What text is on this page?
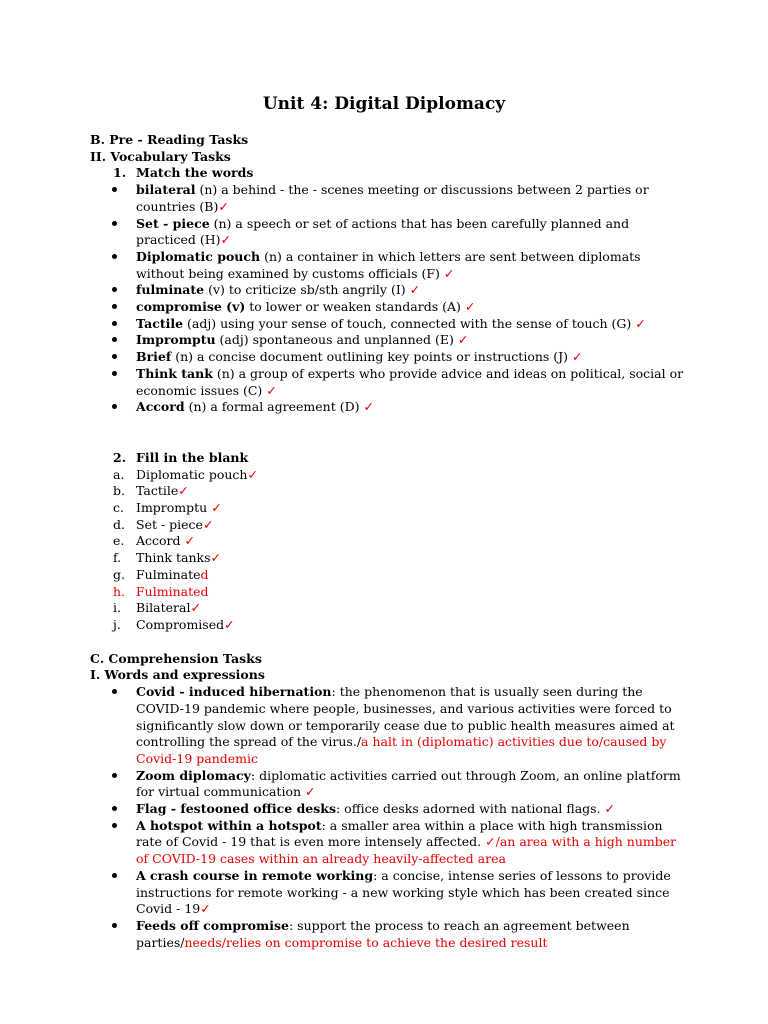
Unit 4: Digital Diplomacy
B. Pre - Reading Tasks
II. Vocabulary Tasks
1. Match the words
bilateral (n) a behind - the - scenes meeting or discussions between 2 parties or countries (B)✓
Set - piece (n) a speech or set of actions that has been carefully planned and practiced (H)✓
Diplomatic pouch (n) a container in which letters are sent between diplomats without being examined by customs officials (F) ✓
fulminate (v) to criticize sb/sth angrily (I) ✓
compromise (v) to lower or weaken standards (A) ✓
Tactile (adj) using your sense of touch, connected with the sense of touch (G) ✓
Impromptu (adj) spontaneous and unplanned (E) ✓
Brief (n) a concise document outlining key points or instructions (J) ✓
Think tank (n) a group of experts who provide advice and ideas on political, social or economic issues (C) ✓
Accord (n) a formal agreement (D) ✓
2. Fill in the blank
a. Diplomatic pouch✓
b. Tactile✓
c. Impromptu ✓
d. Set - piece✓
e. Accord ✓
f.	Think tanks✓
g. Fulminated
h. Fulminated
i.	Bilateral✓
j.	Compromised✓
C. Comprehension Tasks
I. Words and expressions
Covid - induced hibernation: the phenomenon that is usually seen during the COVID-19 pandemic where people, businesses, and various activities were forced to significantly slow down or temporarily cease due to public health measures aimed at controlling the spread of the virus./a halt in (diplomatic) activities due to/caused by Covid-19 pandemic
Zoom diplomacy: diplomatic activities carried out through Zoom, an online platform for virtual communication ✓
Flag - festooned office desks: office desks adorned with national flags. ✓
A hotspot within a hotspot: a smaller area within a place with high transmission rate of Covid - 19 that is even more intensely affected. ✓/an area with a high number of COVID-19 cases within an already heavily-affected area
A crash course in remote working: a concise, intense series of lessons to provide instructions for remote working - a new working style which has been created since Covid - 19✓
Feeds off compromise: support the process to reach an agreement between parties/needs/relies on compromise to achieve the desired result
